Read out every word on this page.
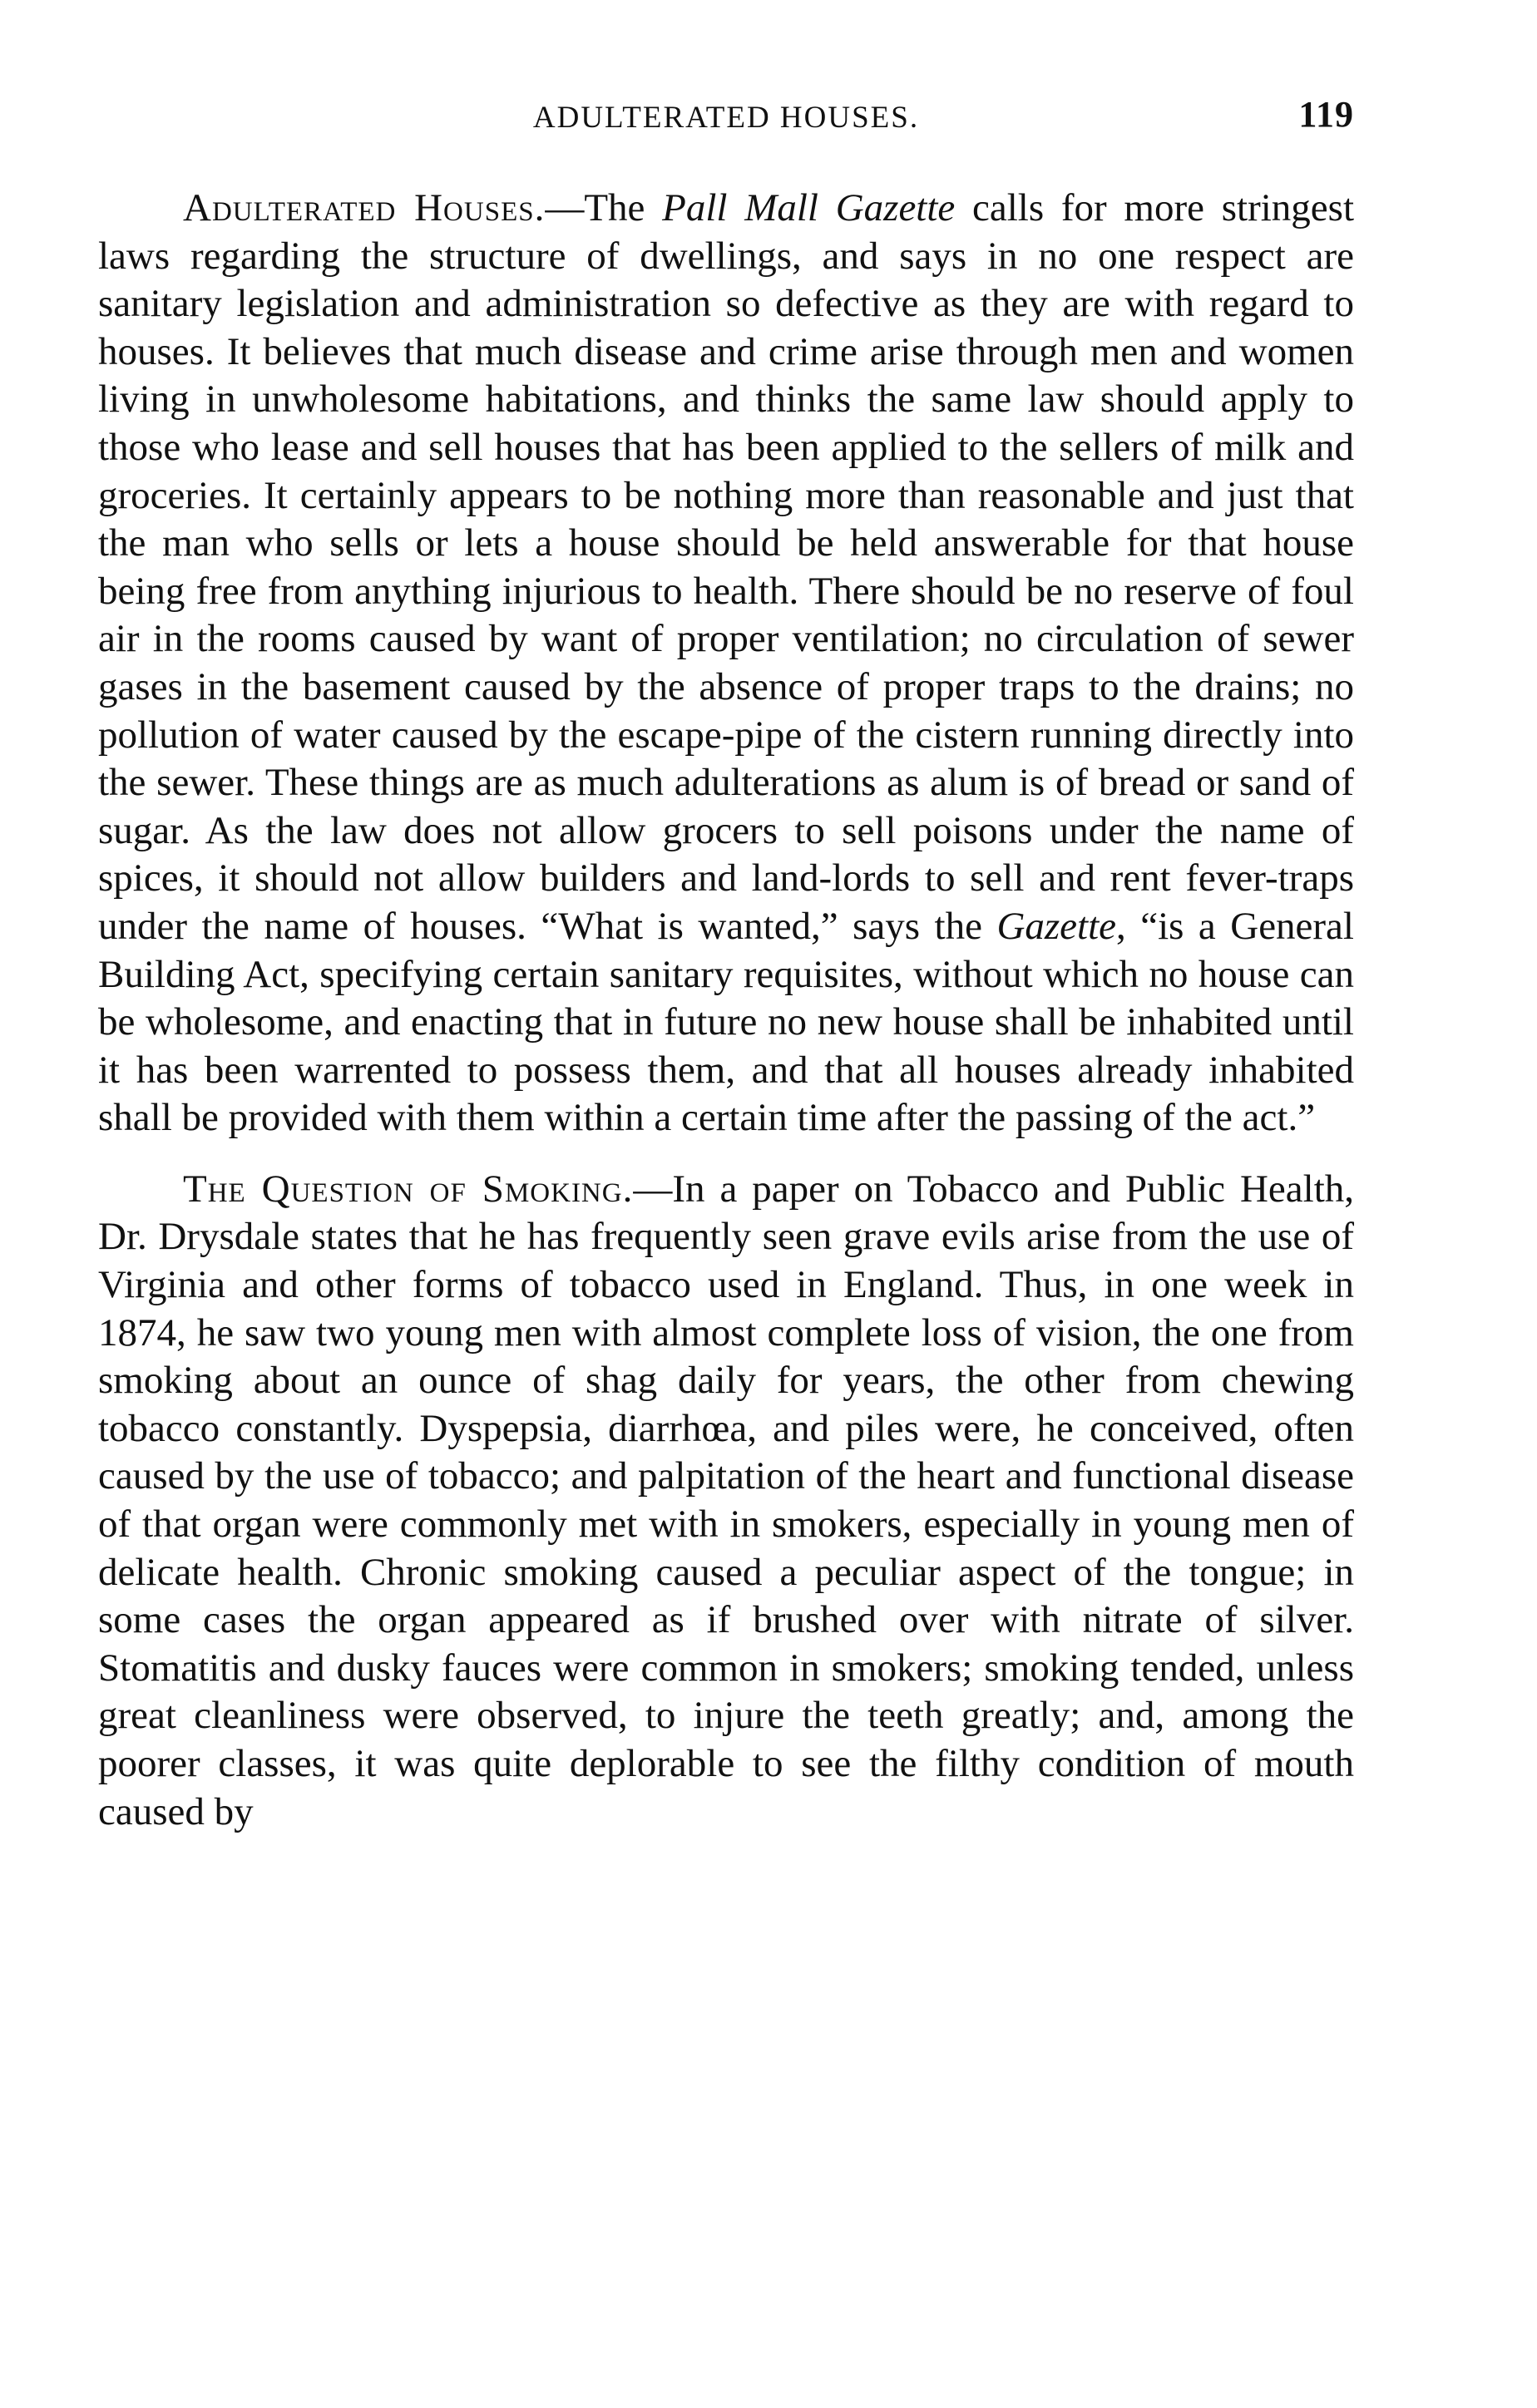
ADULTERATED HOUSES.	119

Adulterated Houses.—The Pall Mall Gazette calls for more stringest laws regarding the structure of dwellings, and says in no one respect are sanitary legislation and administration so defective as they are with regard to houses. It believes that much disease and crime arise through men and women living in unwholesome habitations, and thinks the same law should apply to those who lease and sell houses that has been applied to the sellers of milk and groceries. It certainly appears to be nothing more than reasonable and just that the man who sells or lets a house should be held answerable for that house being free from anything injurious to health. There should be no reserve of foul air in the rooms caused by want of proper ventilation; no circulation of sewer gases in the basement caused by the absence of proper traps to the drains; no pollution of water caused by the escape-pipe of the cistern running directly into the sewer. These things are as much adulterations as alum is of bread or sand of sugar. As the law does not allow grocers to sell poisons under the name of spices, it should not allow builders and land-lords to sell and rent fever-traps under the name of houses. “What is wanted,” says the Gazette, “is a General Building Act, specifying certain sanitary requisites, without which no house can be wholesome, and enacting that in future no new house shall be inhabited until it has been warrented to possess them, and that all houses already inhabited shall be provided with them within a certain time after the passing of the act.”

The Question of Smoking.—In a paper on Tobacco and Public Health, Dr. Drysdale states that he has frequently seen grave evils arise from the use of Virginia and other forms of tobacco used in England. Thus, in one week in 1874, he saw two young men with almost complete loss of vision, the one from smoking about an ounce of shag daily for years, the other from chewing tobacco constantly. Dyspepsia, diarrhœa, and piles were, he conceived, often caused by the use of tobacco; and palpitation of the heart and functional disease of that organ were commonly met with in smokers, especially in young men of delicate health. Chronic smoking caused a peculiar aspect of the tongue; in some cases the organ appeared as if brushed over with nitrate of silver. Stomatitis and dusky fauces were common in smokers; smoking tended, unless great cleanliness were observed, to injure the teeth greatly; and, among the poorer classes, it was quite deplorable to see the filthy condition of mouth caused by
